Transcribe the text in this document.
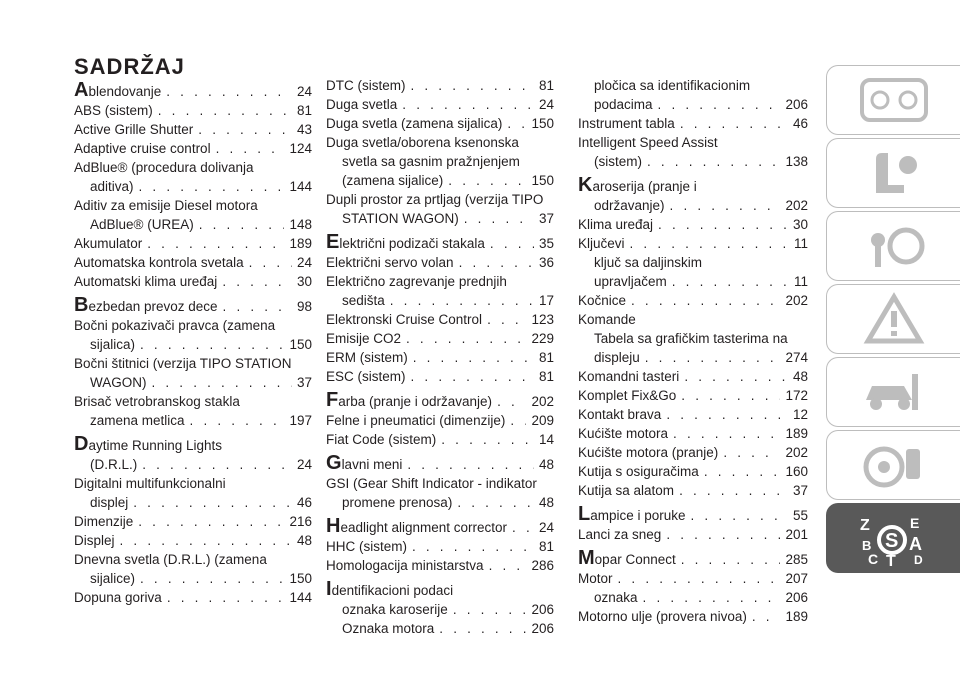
SADRŽAJ
A blendovanje . . .	24
ABS (sistem) . . .	81
Active Grille Shutter . . .	43
Adaptive cruise control . . .	124
AdBlue® (procedura dolivanja
aditiva) . . .	144
Aditiv za emisije Diesel motora
AdBlue® (UREA) . . .	148
Akumulator . . .	189
Automatska kontrola svetala . . .	24
Automatski klima uređaj . . .	30
B ezbedan prevoz dece . . .	98
Bočni pokazivači pravca (zamena
sijalica) . . .	150
Bočni štitnici (verzija TIPO STATION
WAGON) . . .	37
Brisač vetrobranskog stakla
zamena metlica . . .	197
D aytime Running Lights
(D.R.L.) . . .	24
Digitalni multifunkcionalni
displej . . .	46
Dimenzije . . .	216
Displej . . .	48
Dnevna svetla (D.R.L.) (zamena
sijalice) . . .	150
Dopuna goriva . . .	144
DTC (sistem) . . .	81
Duga svetla . . .	24
Duga svetla (zamena sijalica) . . . 150
Duga svetla/oborena ksenonska
svetla sa gasnim pražnjenjem
(zamena sijalice) . . .	150
Dupli prostor za prtljag (verzija TIPO
STATION WAGON) . . .	37
E lektrični podizači stakala . . .	35
Električni servo volan . . .	36
Električno zagrevanje prednjih
sedišta . . .	17
Elektronski Cruise Control . . .	123
Emisije CO2 . . .	229
ERM (sistem) . . .	81
ESC (sistem) . . .	81
F arba (pranje i održavanje) . . .	202
Felne i pneumatici (dimenzije) . . . 209
Fiat Code (sistem) . . .	14
G lavni meni . . .	48
GSI (Gear Shift Indicator - indikator
promene prenosa) . . .	48
H eadlight alignment corrector . . . 24
HHC (sistem) . . .	81
Homologacija ministarstva . . .	286
I dentifikacioni podaci
oznaka karoserije . . .	206
Oznaka motora . . .	206
pločica sa identifikacionim
podacima . . .	206
Instrument tabla . . .	46
Intelligent Speed Assist
(sistem) . . .	138
K aroserija (pranje i
održavanje) . . .	202
Klima uređaj . . .	30
Ključevi . . .	11
ključ sa daljinskim
upravljačem . . .	11
Kočnice . . .	202
Komande
Tabela sa grafičkim tasterima na
displeju . . .	274
Komandni tasteri . . .	48
Komplet Fix&Go . . .	172
Kontakt brava . . .	12
Kućište motora . . .	189
Kućište motora (pranje) . . .	202
Kutija s osiguračima . . .	160
Kutija sa alatom . . .	37
L ampice i poruke . . .	55
Lanci za sneg . . .	201
M opar Connect . . .	285
Motor . . .	207
oznaka . . .	206
Motorno ulje (provera nivoa) . . .	189
Z	E
B S A
C T D
